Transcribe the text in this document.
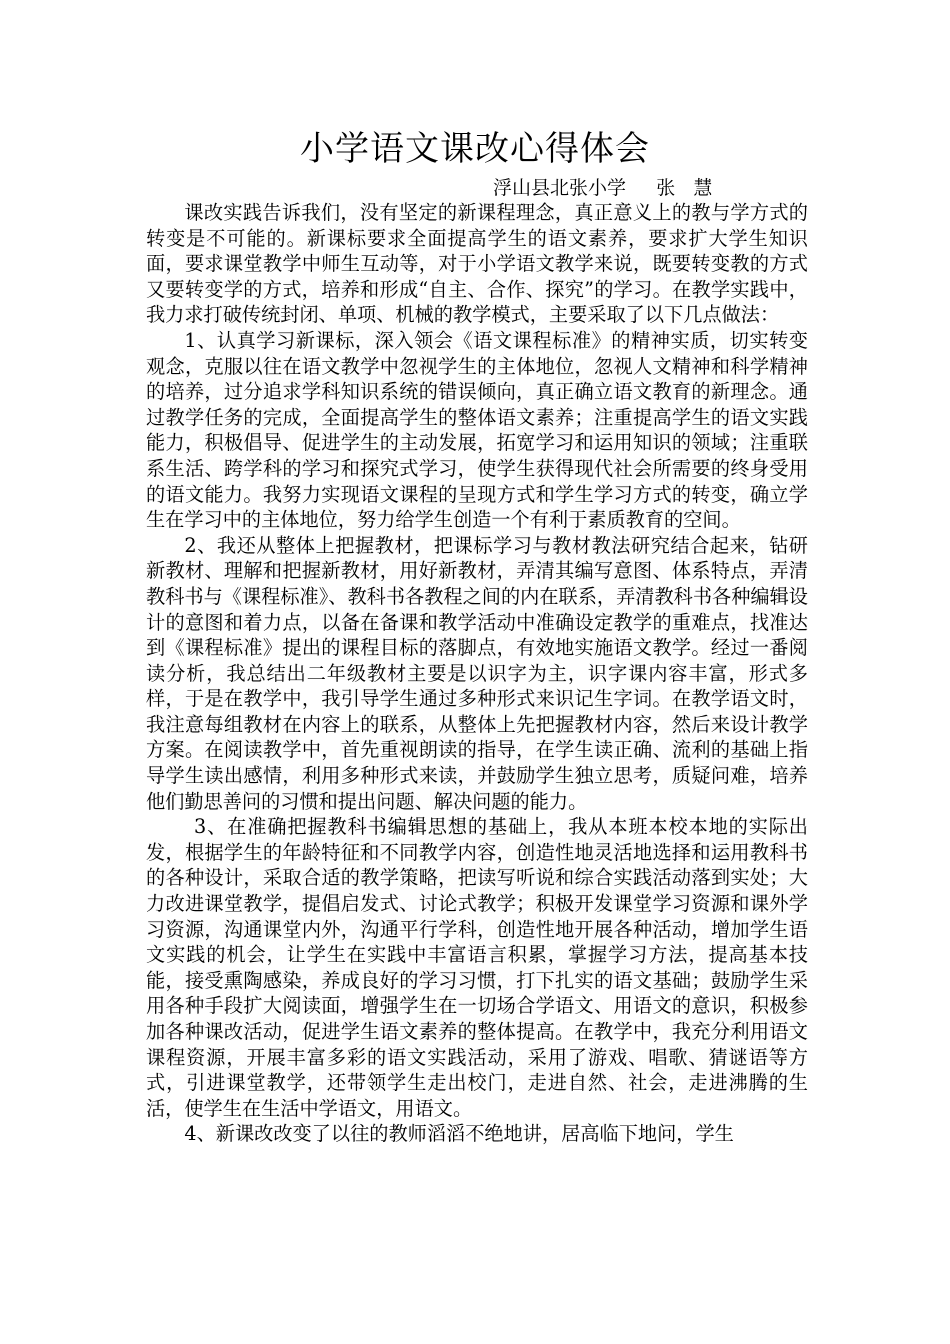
小学语文课改心得体会
浮山县北张小学     张   慧

课改实践告诉我们，没有坚定的新课程理念，真正意义上的教与学方式的转变是不可能的。新课标要求全面提高学生的语文素养，要求扩大学生知识面，要求课堂教学中师生互动等，对于小学语文教学来说，既要转变教的方式又要转变学的方式，培养和形成“自主、合作、探究”的学习。在教学实践中，我力求打破传统封闭、单项、机械的教学模式，主要采取了以下几点做法：

1、认真学习新课标，深入领会《语文课程标准》的精神实质，切实转变观念，克服以往在语文教学中忽视学生的主体地位，忽视人文精神和科学精神的培养，过分追求学科知识系统的错误倾向，真正确立语文教育的新理念。通过教学任务的完成，全面提高学生的整体语文素养；注重提高学生的语文实践能力，积极倡导、促进学生的主动发展，拓宽学习和运用知识的领域；注重联系生活、跨学科的学习和探究式学习，使学生获得现代社会所需要的终身受用的语文能力。我努力实现语文课程的呈现方式和学生学习方式的转变，确立学生在学习中的主体地位，努力给学生创造一个有利于素质教育的空间。

2、我还从整体上把握教材，把课标学习与教材教法研究结合起来，钻研新教材、理解和把握新教材，用好新教材，弄清其编写意图、体系特点，弄清教科书与《课程标准》、教科书各教程之间的内在联系，弄清教科书各种编辑设计的意图和着力点，以备在备课和教学活动中准确设定教学的重难点，找准达到《课程标准》提出的课程目标的落脚点，有效地实施语文教学。经过一番阅读分析，我总结出二年级教材主要是以识字为主，识字课内容丰富，形式多样，于是在教学中，我引导学生通过多种形式来识记生字词。在教学语文时，我注意每组教材在内容上的联系，从整体上先把握教材内容，然后来设计教学方案。在阅读教学中，首先重视朗读的指导，在学生读正确、流利的基础上指导学生读出感情，利用多种形式来读，并鼓励学生独立思考，质疑问难，培养他们勤思善问的习惯和提出问题、解决问题的能力。

3、在准确把握教科书编辑思想的基础上，我从本班本校本地的实际出发，根据学生的年龄特征和不同教学内容，创造性地灵活地选择和运用教科书的各种设计，采取合适的教学策略，把读写听说和综合实践活动落到实处；大力改进课堂教学，提倡启发式、讨论式教学；积极开发课堂学习资源和课外学习资源，沟通课堂内外，沟通平行学科，创造性地开展各种活动，增加学生语文实践的机会，让学生在实践中丰富语言积累，掌握学习方法，提高基本技能，接受熏陶感染，养成良好的学习习惯，打下扎实的语文基础；鼓励学生采用各种手段扩大阅读面，增强学生在一切场合学语文、用语文的意识，积极参加各种课改活动，促进学生语文素养的整体提高。在教学中，我充分利用语文课程资源，开展丰富多彩的语文实践活动，采用了游戏、唱歌、猜谜语等方式，引进课堂教学，还带领学生走出校门，走进自然、社会，走进沸腾的生活，使学生在生活中学语文，用语文。

4、新课改改变了以往的教师滔滔不绝地讲，居高临下地问，学生
